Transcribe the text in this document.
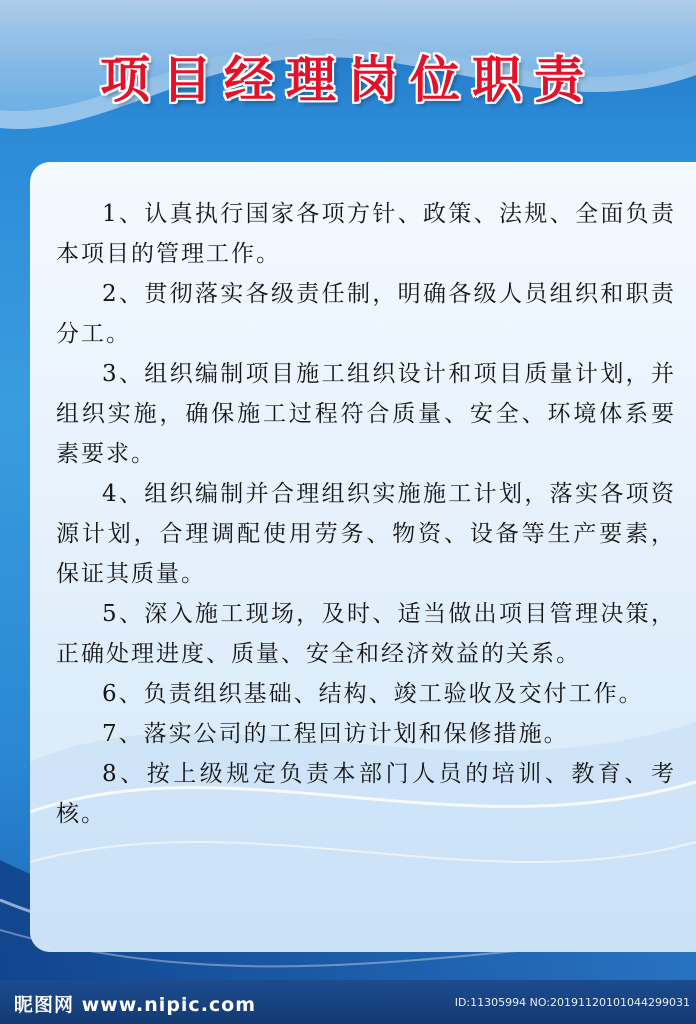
项目经理岗位职责

1、认真执行国家各项方针、政策、法规、全面负责本项目的管理工作。

2、贯彻落实各级责任制，明确各级人员组织和职责分工。

3、组织编制项目施工组织设计和项目质量计划，并组织实施，确保施工过程符合质量、安全、环境体系要素要求。

4、组织编制并合理组织实施施工计划，落实各项资源计划，合理调配使用劳务、物资、设备等生产要素，保证其质量。

5、深入施工现场，及时、适当做出项目管理决策，正确处理进度、质量、安全和经济效益的关系。

6、负责组织基础、结构、竣工验收及交付工作。

7、落实公司的工程回访计划和保修措施。

8、按上级规定负责本部门人员的培训、教育、考核。

昵图网 www.nipic.com	ID:11305994 NO:20191120101044299031
